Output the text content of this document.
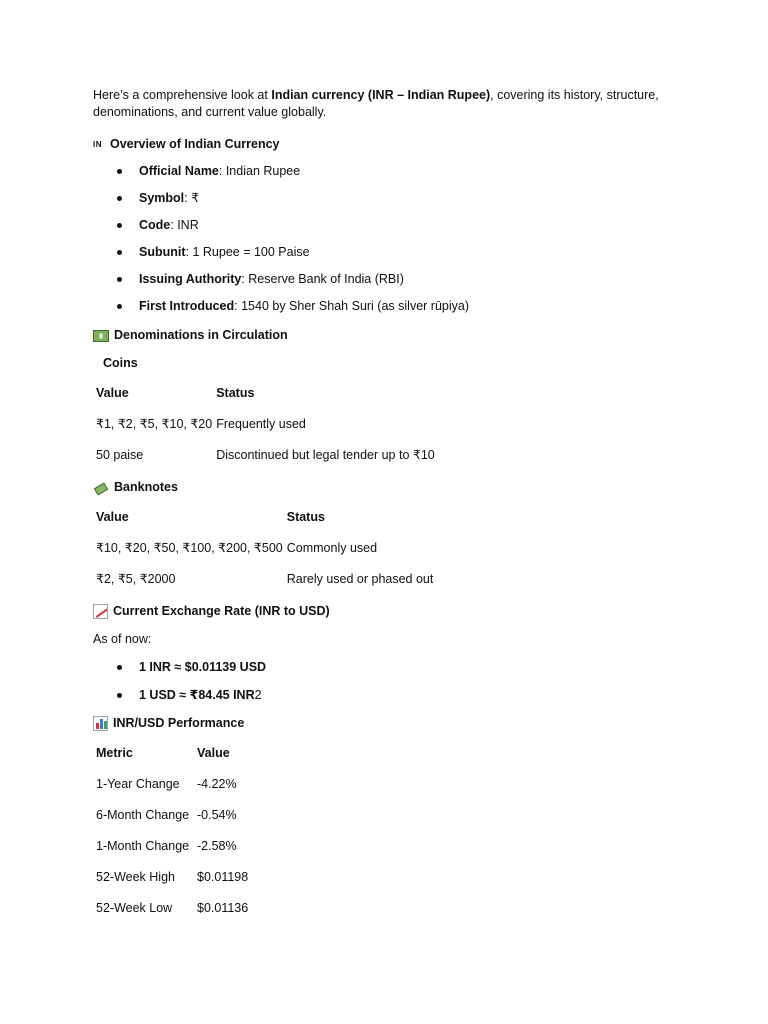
Here’s a comprehensive look at Indian currency (INR – Indian Rupee), covering its history, structure, denominations, and current value globally.

IN Overview of Indian Currency
Official Name: Indian Rupee
Symbol: ₹
Code: INR
Subunit: 1 Rupee = 100 Paise
Issuing Authority: Reserve Bank of India (RBI)
First Introduced: 1540 by Sher Shah Suri (as silver rūpiya)
Denominations in Circulation
Coins
Value	Status
₹1, ₹2, ₹5, ₹10, ₹20	Frequently used
50 paise	Discontinued but legal tender up to ₹10
Banknotes
Value	Status
₹10, ₹20, ₹50, ₹100, ₹200, ₹500	Commonly used
₹2, ₹5, ₹2000	Rarely used or phased out
Current Exchange Rate (INR to USD)
As of now:
1 INR ≈ $0.01139 USD
1 USD ≈ ₹84.45 INR2
INR/USD Performance
Metric	Value
1-Year Change	-4.22%
6-Month Change	-0.54%
1-Month Change	-2.58%
52-Week High	$0.01198
52-Week Low	$0.01136
